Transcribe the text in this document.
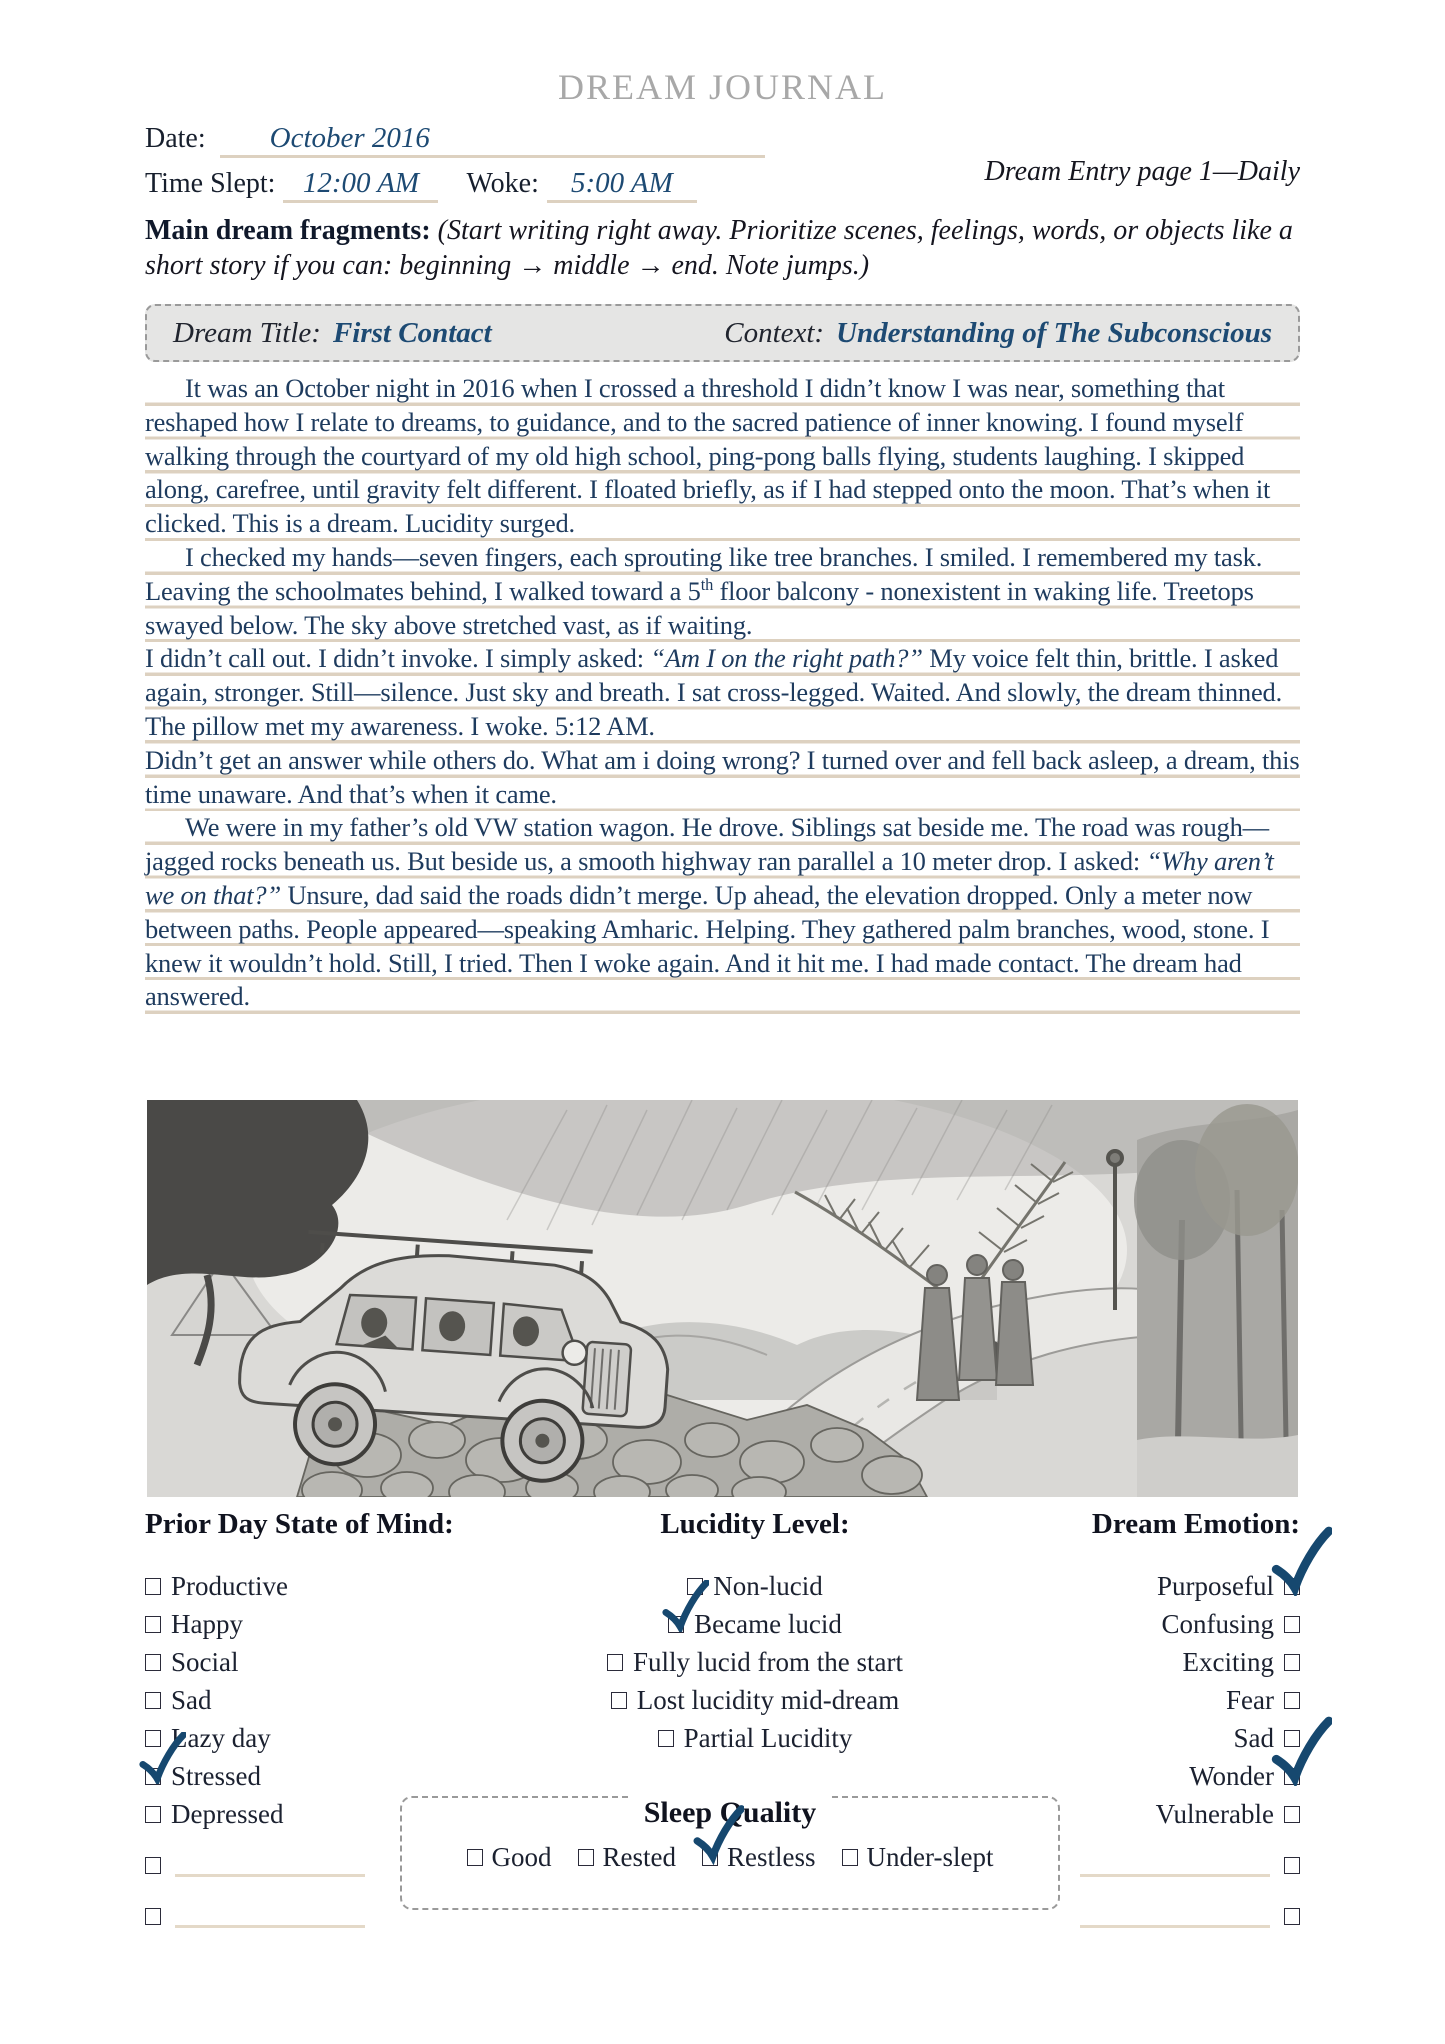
DREAM JOURNAL
Date:	October 2016
Dream Entry page 1—Daily
Time Slept: 12:00 AM	Woke:	5:00 AM
Main dream fragments: (Start writing right away. Prioritize scenes, feelings, words, or objects like a short story if you can: beginning → middle → end. Note jumps.)
Dream Title: First Contact	Context: Understanding of The Subconscious
It was an October night in 2016 when I crossed a threshold I didn’t know I was near, something that reshaped how I relate to dreams, to guidance, and to the sacred patience of inner knowing. I found myself walking through the courtyard of my old high school, ping-pong balls flying, students laughing. I skipped along, carefree, until gravity felt different. I floated briefly, as if I had stepped onto the moon. That’s when it clicked. This is a dream. Lucidity surged.
I checked my hands—seven fingers, each sprouting like tree branches. I smiled. I remembered my task. Leaving the schoolmates behind, I walked toward a 5th floor balcony - nonexistent in waking life. Treetops swayed below. The sky above stretched vast, as if waiting.
I didn’t call out. I didn’t invoke. I simply asked: “Am I on the right path?” My voice felt thin, brittle. I asked again, stronger. Still—silence. Just sky and breath. I sat cross-legged. Waited. And slowly, the dream thinned. The pillow met my awareness. I woke. 5:12 AM.
Didn’t get an answer while others do. What am i doing wrong? I turned over and fell back asleep, a dream, this time unaware. And that’s when it came.
We were in my father’s old VW station wagon. He drove. Siblings sat beside me. The road was rough—jagged rocks beneath us. But beside us, a smooth highway ran parallel a 10 meter drop. I asked: “Why aren’t we on that?” Unsure, dad said the roads didn’t merge. Up ahead, the elevation dropped. Only a meter now between paths. People appeared—speaking Amharic. Helping. They gathered palm branches, wood, stone. I knew it wouldn’t hold. Still, I tried. Then I woke again. And it hit me. I had made contact. The dream had answered.
Prior Day State of Mind:
Productive
Happy
Social
Sad
Lazy day
Stressed
Depressed
Lucidity Level:
Non-lucid
Became lucid
Fully lucid from the start
Lost lucidity mid-dream
Partial Lucidity
Dream Emotion:
Purposeful
Confusing
Exciting
Fear
Sad
Wonder
Vulnerable
Sleep Quality
Good Rested Restless Under-slept
